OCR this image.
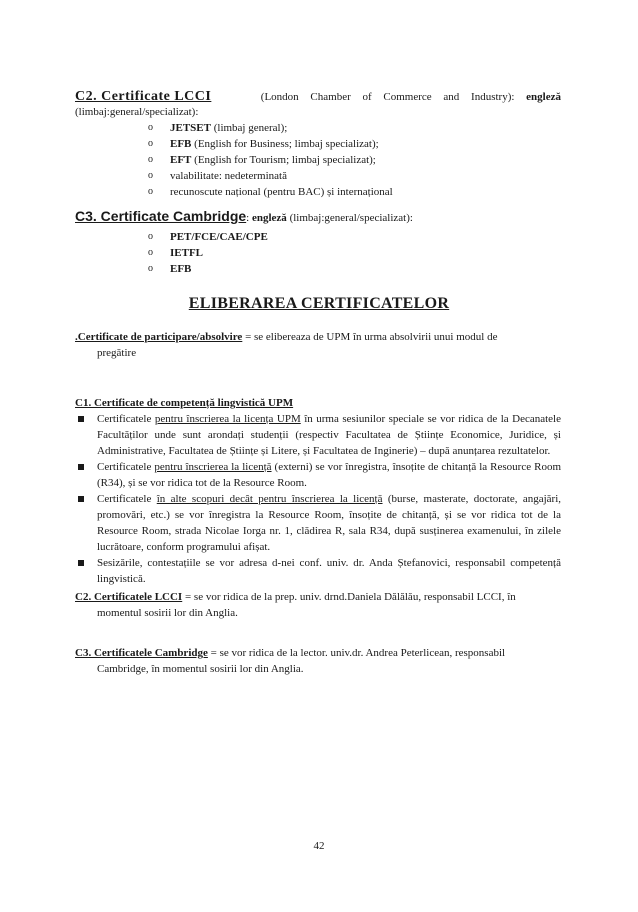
C2. Certificate LCCI	(London Chamber of Commerce and Industry): engleză
(limbaj:general/specializat):
o JETSET (limbaj general);
o EFB (English for Business; limbaj specializat);
o EFT (English for Tourism; limbaj specializat);
o valabilitate: nedeterminată
o recunoscute național (pentru BAC) și internațional
C3. Certificate Cambridge: engleză (limbaj:general/specializat):
o PET/FCE/CAE/CPE
o IETFL
o EFB
ELIBERAREA CERTIFICATELOR
.Certificate de participare/absolvire = se elibereaza de UPM în urma absolvirii unui modul de
pregătire
C1. Certificate de competență lingvistică UPM
Certificatele pentru înscrierea la licența UPM în urma sesiunilor speciale se vor ridica de la Decanatele Facultăților unde sunt arondați studenții (respectiv Facultatea de Științe Economice, Juridice, și Administrative, Facultatea de Științe și Litere, și Facultatea de Inginerie) – după anunțarea rezultatelor.
Certificatele pentru înscrierea la licență (externi) se vor înregistra, însoțite de chitanță la Resource Room (R34), și se vor ridica tot de la Resource Room.
Certificatele în alte scopuri decât pentru înscrierea la licență (burse, masterate, doctorate, angajări, promovări, etc.) se vor înregistra la Resource Room, însoțite de chitanță, și se vor ridica tot de la Resource Room, strada Nicolae Iorga nr. 1, clădirea R, sala R34, după susținerea examenului, în zilele lucrătoare, conform programului afișat.
Sesizările, contestațiile se vor adresa d-nei conf. univ. dr. Anda Ștefanovici, responsabil competență lingvistică.
C2. Certificatele LCCI = se vor ridica de la prep. univ. drnd.Daniela Dălălău, responsabil LCCI, în
momentul sosirii lor din Anglia.
C3. Certificatele Cambridge = se vor ridica de la lector. univ.dr. Andrea Peterlicean, responsabil
Cambridge, în momentul sosirii lor din Anglia.
42
